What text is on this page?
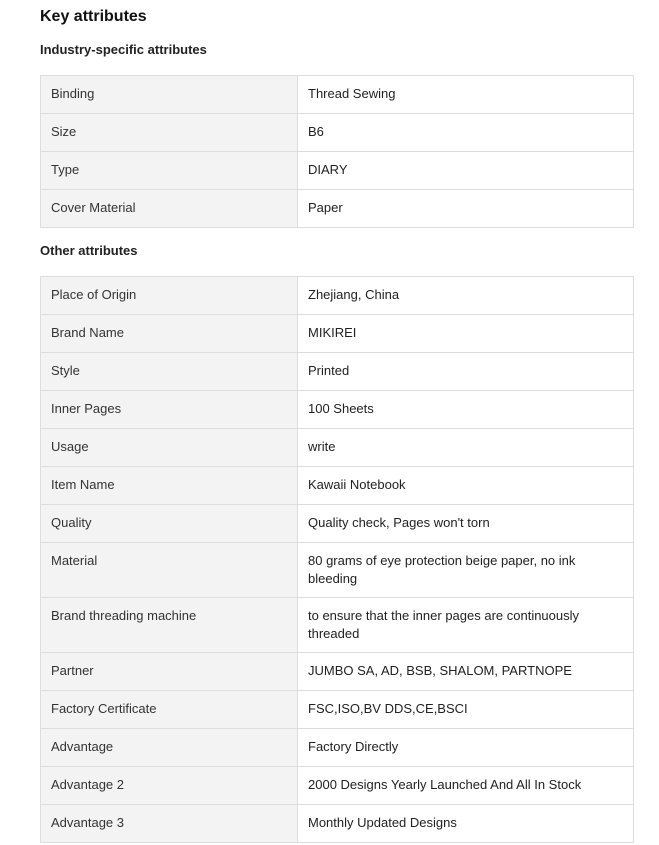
Key attributes
Industry-specific attributes
Binding	Thread Sewing
Size	B6
Type	DIARY
Cover Material	Paper
Other attributes
Place of Origin	Zhejiang, China
Brand Name	MIKIREI
Style	Printed
Inner Pages	100 Sheets
Usage	write
Item Name	Kawaii Notebook
Quality	Quality check, Pages won't torn
Material	80 grams of eye protection beige paper, no ink bleeding
Brand threading machine	to ensure that the inner pages are continuously threaded
Partner	JUMBO SA, AD, BSB, SHALOM, PARTNOPE
Factory Certificate	FSC,ISO,BV DDS,CE,BSCI
Advantage	Factory Directly
Advantage 2	2000 Designs Yearly Launched And All In Stock
Advantage 3	Monthly Updated Designs
